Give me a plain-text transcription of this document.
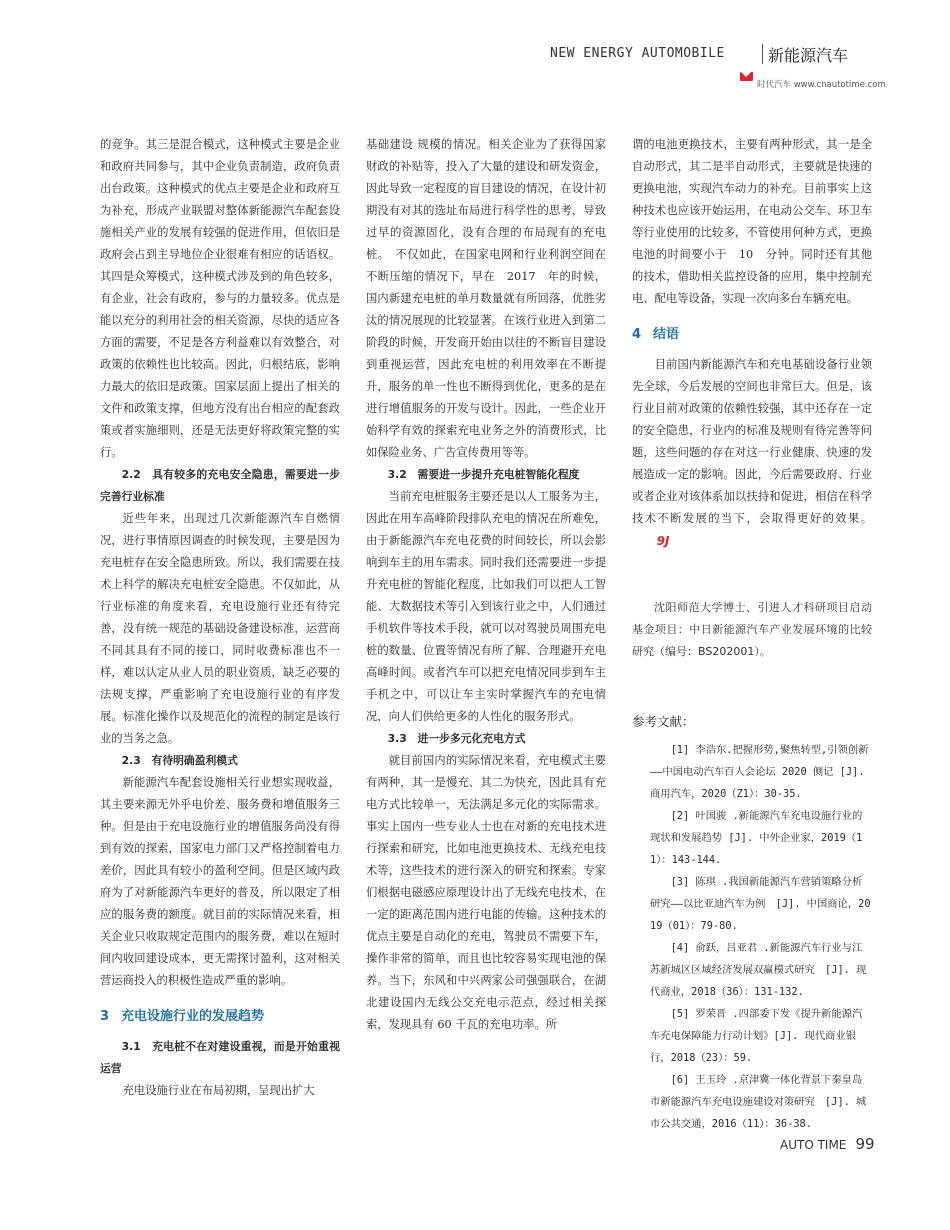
NEW ENERGY AUTOMOBILE	新能源汽车
时代汽车 www.cnautotime.com

的竞争。其三是混合模式，这种模式主要是企业和政府共同参与，其中企业负责制造，政府负责出台政策。这种模式的优点主要是企业和政府互为补充，形成产业联盟对整体新能源汽车配套设施相关产业的发展有较强的促进作用，但依旧是政府会占到主导地位企业很难有相应的话语权。其四是众筹模式，这种模式涉及到的角色较多，有企业，社会有政府，参与的力量较多。优点是能以充分的利用社会的相关资源，尽快的适应各方面的需要，不足是各方利益难以有效整合，对政策的依赖性也比较高。因此，归根结底，影响力最大的依旧是政策。国家层面上提出了相关的文件和政策支撑，但地方没有出台相应的配套政策或者实施细则，还是无法更好将政策完整的实行。

2.2　具有较多的充电安全隐患，需要进一步完善行业标准

近些年来，出现过几次新能源汽车自燃情况，进行事情原因调查的时候发现，主要是因为充电桩存在安全隐患所致。所以，我们需要在技术上科学的解决充电桩安全隐患。不仅如此，从行业标准的角度来看，充电设施行业还有待完善，没有统一规范的基础设备建设标准，运营商不同其具有不同的接口，同时收费标准也不一样，难以认定从业人员的职业资质，缺乏必要的法规支撑，严重影响了充电设施行业的有序发展。标准化操作以及规范化的流程的制定是该行业的当务之急。

2.3　有待明确盈利模式

新能源汽车配套设施相关行业想实现收益，其主要来源无外乎电价差、服务费和增值服务三种。但是由于充电设施行业的增值服务尚没有得到有效的探索，国家电力部门又严格控制着电力差价，因此具有较小的盈利空间。但是区域内政府为了对新能源汽车更好的普及，所以限定了相应的服务费的额度。就目前的实际情况来看，相关企业只收取规定范围内的服务费，难以在短时间内收回建设成本，更无需探讨盈利，这对相关营运商投入的积极性造成严重的影响。

3 充电设施行业的发展趋势

3.1　充电桩不在对建设重视，而是开始重视运营

充电设施行业在布局初期，呈现出扩大

基础建设 规模的情况。相关企业为了获得国家财政的补贴等，投入了大量的建设和研发资金，因此导致一定程度的盲目建设的情况，在设计初期没有对其的选址布局进行科学性的思考，导致过早的资源固化，没有合理的布局现有的充电桩。　不仅如此，在国家电网和行业利润空间在不断压缩的情况下，早在　2017　年的时候，国内新建充电桩的单月数量就有所回落，优胜劣汰的情况展现的比较显著。在该行业进入到第二阶段的时候，开发商开始由以往的不断盲目建设到重视运营，因此充电桩的利用效率在不断提升，服务的单一性也不断得到优化，更多的是在进行增值服务的开发与设计。因此，一些企业开始科学有效的探索充电业务之外的消费形式，比如保险业务、广告宣传费用等等。

3.2　需要进一步提升充电桩智能化程度

当前充电桩服务主要还是以人工服务为主，因此在用车高峰阶段排队充电的情况在所难免，由于新能源汽车充电花费的时间较长，所以会影响到车主的用车需求。同时我们还需要进一步提升充电桩的智能化程度，比如我们可以把人工智能、大数据技术等引入到该行业之中，人们通过手机软件等技术手段，就可以对驾驶员周围充电桩的数量、位置等情况有所了解、合理避开充电高峰时间。或者汽车可以把充电情况同步到车主手机之中，可以让车主实时掌握汽车的充电情况，向人们供给更多的人性化的服务形式。

3.3　进一步多元化充电方式

就目前国内的实际情况来看，充电模式主要有两种，其一是慢充、其二为快充，因此具有充电方式比较单一，无法满足多元化的实际需求。事实上国内一些专业人士也在对新的充电技术进行探索和研究，比如电池更换技术、无线充电技术等，这些技术的进行深入的研究和探索。专家们根据电磁感应原理设计出了无线充电技术，在一定的距离范围内进行电能的传输。这种技术的优点主要是自动化的充电，驾驶员不需要下车，操作非常的简单，而且也比较容易实现电池的保养。当下，东风和中兴两家公司强强联合，在湖北建设国内无线公交充电示范点，经过相关探索，发现具有 60 千瓦的充电功率。所

谓的电池更换技术，主要有两种形式，其一是全自动形式，其二是半自动形式，主要就是快速的更换电池，实现汽车动力的补充。目前事实上这种技术也应该开始运用，在电动公交车、环卫车等行业使用的比较多，不管使用何种方式，更换电池的时间要小于　10　分钟。同时还有其他的技术，借助相关监控设备的应用，集中控制充电、配电等设备，实现一次向多台车辆充电。

4 结语

目前国内新能源汽车和充电基础设备行业领先全球，今后发展的空间也非常巨大。但是，该行业目前对政策的依赖性较强，其中还存在一定的安全隐患，行业内的标准及规则有待完善等问题，这些问题的存在对这一行业健康、快速的发展造成一定的影响。因此，今后需要政府、行业或者企业对该体系加以扶持和促进，相信在科学技术不断发展的当下，会取得更好的效果。9J

沈阳师范大学博士、引进人才科研项目启动基金项目：中日新能源汽车产业发展环境的比较研究（编号：BS202001）。

参考文献：

[1] 李浩东.把握形势,聚焦转型,引领创新——中国电动汽车百人会论坛 2020 侧记 [J]. 商用汽车，2020（Z1）：30-35.

[2] 叶国骏 .新能源汽车充电设施行业的现状和发展趋势 [J]. 中外企业家，2019（11）：143-144.

[3] 陈琪 .我国新能源汽车营销策略分析研究——以比亚迪汽车为例　[J]. 中国商论，2019（01）：79-80.

[4] 俞跃，吕亚君 .新能源汽车行业与江苏新城区区域经济发展双赢模式研究　[J]. 现代商业，2018（36）：131-132.

[5] 罗荣晋 .四部委下发《提升新能源汽车充电保障能力行动计划》[J]. 现代商业银行，2018（23）：59.

[6] 王玉玲 .京津冀一体化背景下秦皇岛市新能源汽车充电设施建设对策研究　[J]. 城市公共交通，2016（11）：36-38.

AUTO TIME 99
